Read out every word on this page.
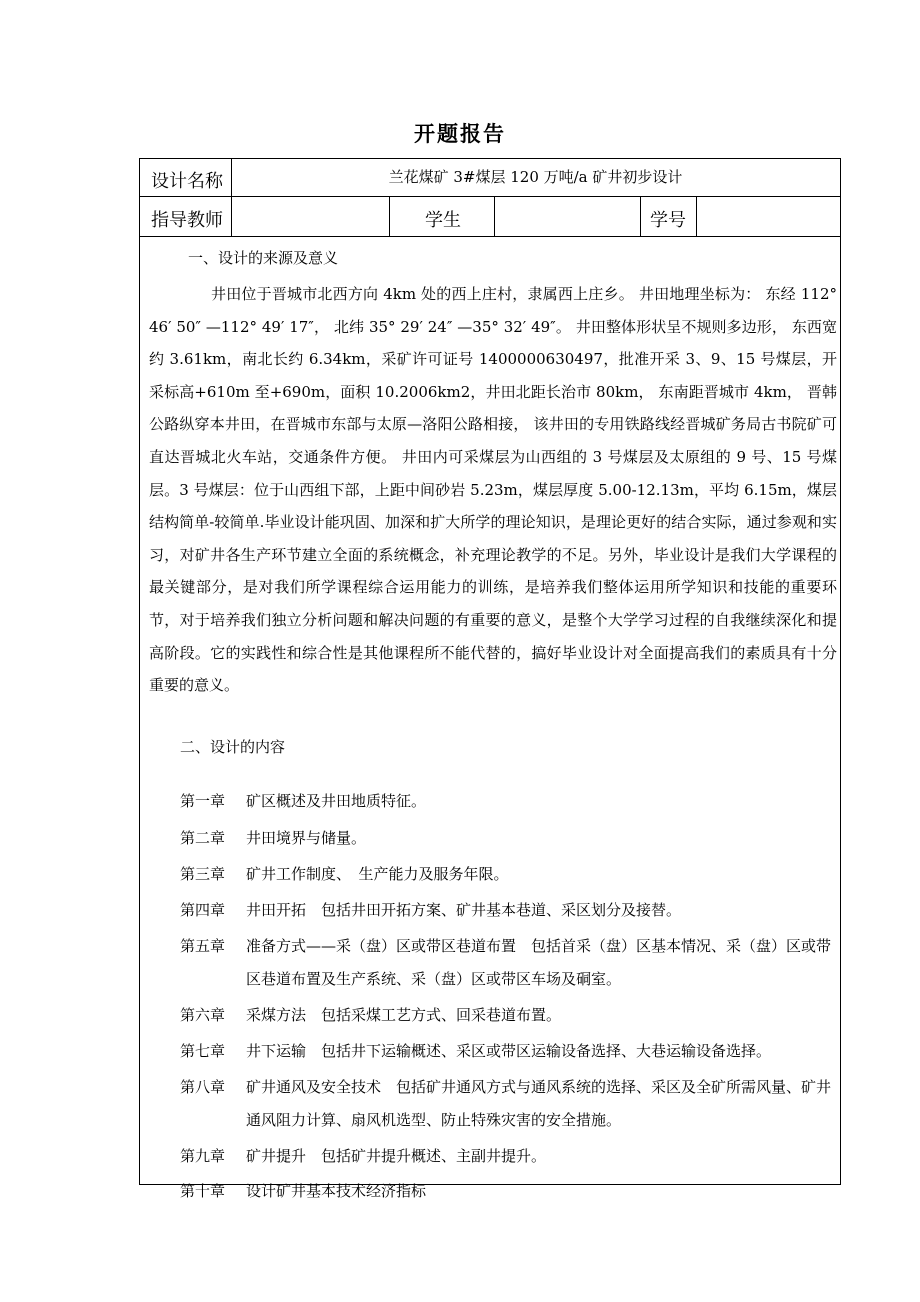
开题报告
设计名称	兰花煤矿 3#煤层 120 万吨/a 矿井初步设计
指导教师	学生	学号
一、设计的来源及意义

井田位于晋城市北西方向 4km 处的西上庄村，隶属西上庄乡。 井田地理坐标为： 东经 112° 46′ 50″ —112° 49′ 17″， 北纬 35° 29′ 24″ —35° 32′ 49″。 井田整体形状呈不规则多边形， 东西宽约 3.61km，南北长约 6.34km，采矿许可证号 1400000630497，批准开采 3、9、15 号煤层，开采标高+610m 至+690m，面积 10.2006km2，井田北距长治市 80km， 东南距晋城市 4km， 晋韩公路纵穿本井田，在晋城市东部与太原—洛阳公路相接， 该井田的专用铁路线经晋城矿务局古书院矿可直达晋城北火车站，交通条件方便。 井田内可采煤层为山西组的 3 号煤层及太原组的 9 号、15 号煤层。3 号煤层：位于山西组下部，上距中间砂岩 5.23m，煤层厚度 5.00-12.13m，平均 6.15m，煤层结构简单-较简单.毕业设计能巩固、加深和扩大所学的理论知识，是理论更好的结合实际，通过参观和实习，对矿井各生产环节建立全面的系统概念，补充理论教学的不足。另外，毕业设计是我们大学课程的最关键部分，是对我们所学课程综合运用能力的训练，是培养我们整体运用所学知识和技能的重要环节，对于培养我们独立分析问题和解决问题的有重要的意义，是整个大学学习过程的自我继续深化和提高阶段。它的实践性和综合性是其他课程所不能代替的，搞好毕业设计对全面提高我们的素质具有十分重要的意义。

二、设计的内容
第一章 矿区概述及井田地质特征。
第二章 井田境界与储量。
第三章 矿井工作制度、　生产能力及服务年限。
第四章 井田开拓　包括井田开拓方案、矿井基本巷道、采区划分及接替。
第五章 准备方式——采（盘）区或带区巷道布置　包括首采（盘）区基本情况、采（盘）区或带区巷道布置及生产系统、采（盘）区或带区车场及硐室。
第六章 采煤方法　包括采煤工艺方式、回采巷道布置。
第七章 井下运输　包括井下运输概述、采区或带区运输设备选择、大巷运输设备选择。
第八章 矿井通风及安全技术　包括矿井通风方式与通风系统的选择、采区及全矿所需风量、矿井通风阻力计算、扇风机选型、防止特殊灾害的安全措施。
第九章 矿井提升　包括矿井提升概述、主副井提升。
第十章 设计矿井基本技术经济指标
